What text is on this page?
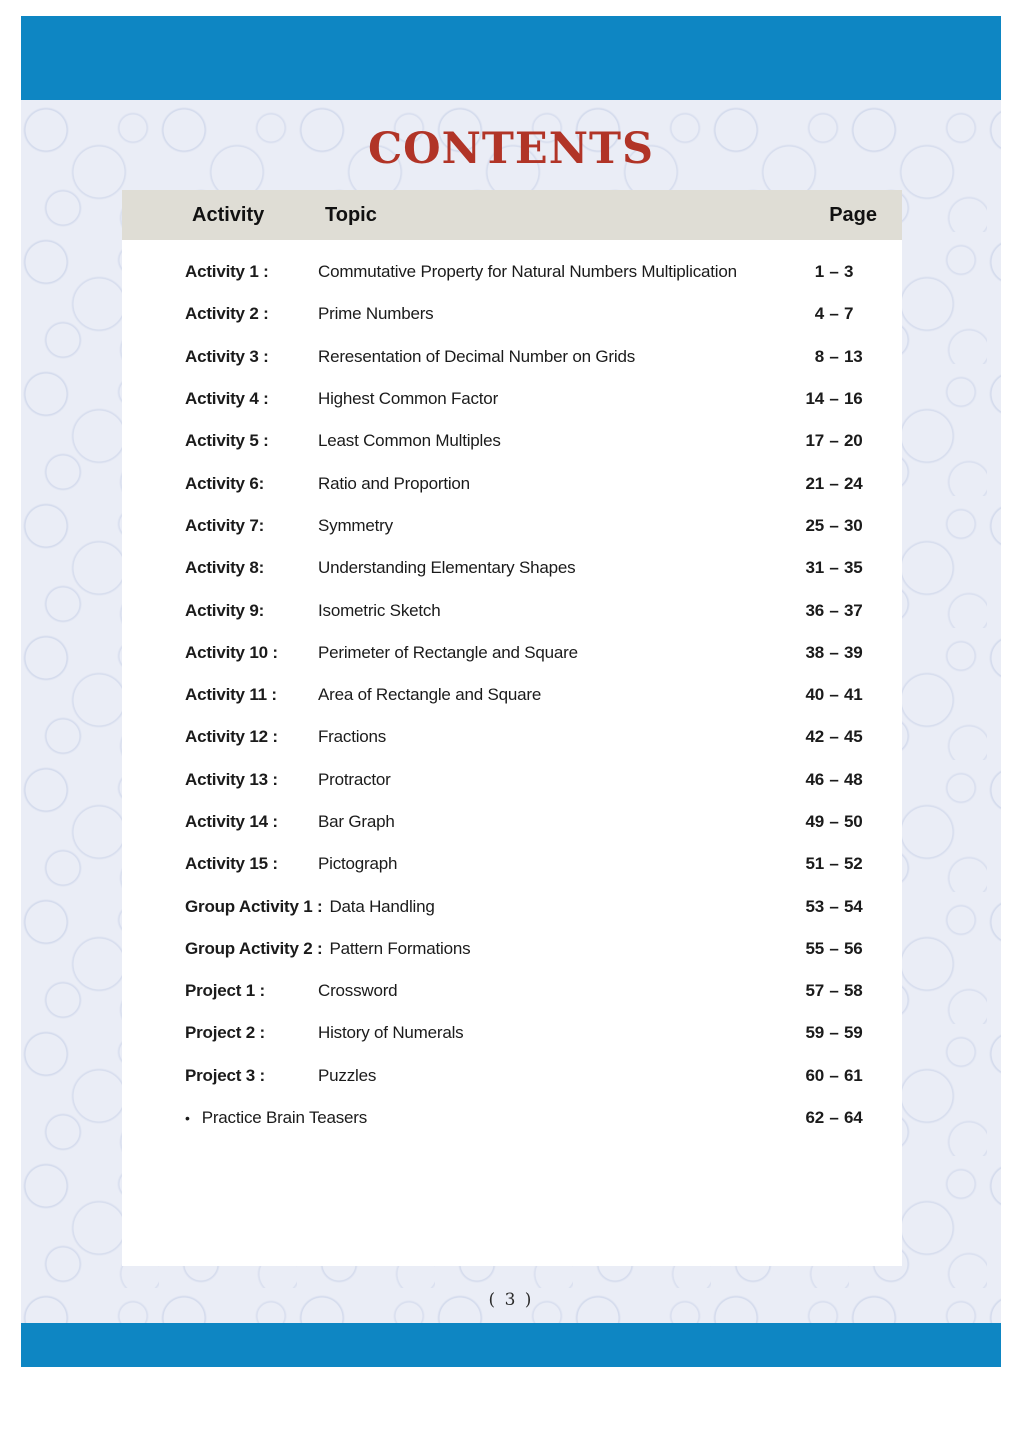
CONTENTS
Activity	Topic	Page
Activity 1 :	Commutative Property for Natural Numbers Multiplication	1 – 3
Activity 2 :	Prime Numbers	4 – 7
Activity 3 :	Reresentation of Decimal Number on Grids	8 – 13
Activity 4 :	Highest Common Factor	14 – 16
Activity 5 :	Least Common Multiples	17 – 20
Activity 6:	Ratio and Proportion	21 – 24
Activity 7:	Symmetry	25 – 30
Activity 8:	Understanding Elementary Shapes	31 – 35
Activity 9:	Isometric Sketch	36 – 37
Activity 10 :	Perimeter of Rectangle and Square	38 – 39
Activity 11 :	Area of Rectangle and Square	40 – 41
Activity 12 :	Fractions	42 – 45
Activity 13 :	Protractor	46 – 48
Activity 14 :	Bar Graph	49 – 50
Activity 15 :	Pictograph	51 – 52
Group Activity 1 : Data Handling	53 – 54
Group Activity 2 : Pattern Formations	55 – 56
Project 1 :	Crossword	57 – 58
Project 2 :	History of Numerals	59 – 59
Project 3 :	Puzzles	60 – 61
• Practice Brain Teasers	62 – 64
( 3 )
